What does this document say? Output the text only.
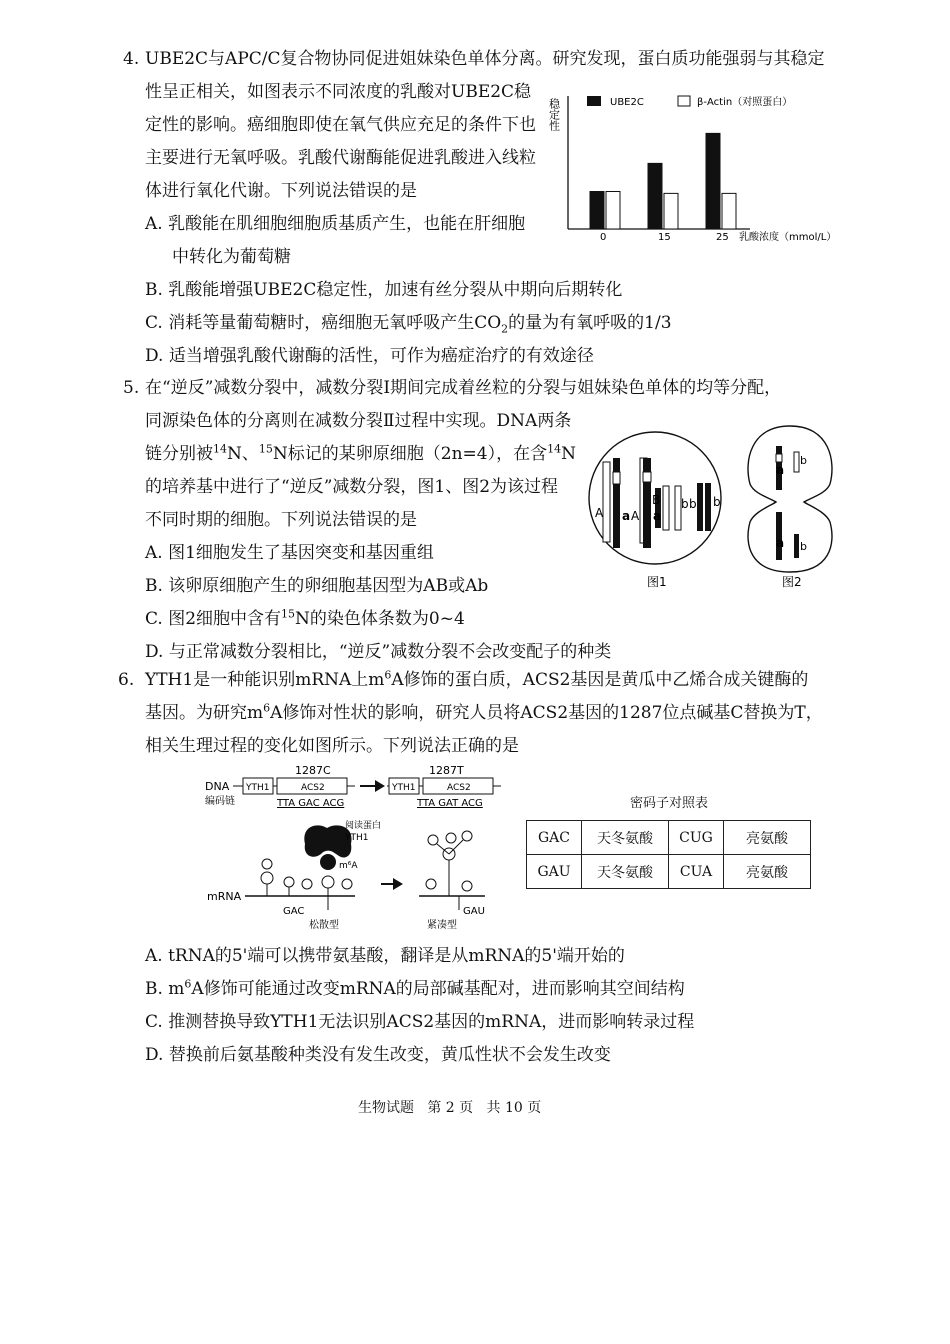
4. UBE2C与APC/C复合物协同促进姐妹染色单体分离。研究发现，蛋白质功能强弱与其稳定
性呈正相关，如图表示不同浓度的乳酸对UBE2C稳
定性的影响。癌细胞即使在氧气供应充足的条件下也
主要进行无氧呼吸。乳酸代谢酶能促进乳酸进入线粒
体进行氧化代谢。下列说法错误的是
A. 乳酸能在肌细胞细胞质基质产生，也能在肝细胞
中转化为葡萄糖
B. 乳酸能增强UBE2C稳定性，加速有丝分裂从中期向后期转化
C. 消耗等量葡萄糖时，癌细胞无氧呼吸产生$CO_2$的量为有氧呼吸的1/3
D. 适当增强乳酸代谢酶的活性，可作为癌症治疗的有效途径
稳定性	UBE2C	β-Actin（对照蛋白）
乳酸浓度（mmol/L）
0	15	25
5. 在“逆反”减数分裂中，减数分裂Ⅰ期间完成着丝粒的分裂与姐妹染色单体的均等分配，
同源染色体的分离则在减数分裂Ⅱ过程中实现。DNA两条
链分别被$^{14}$N、$^{15}$N标记的某卵原细胞（2n=4），在含$^{14}$N
的培养基中进行了“逆反”减数分裂，图1、图2为该过程
不同时期的细胞。下列说法错误的是
A. 图1细胞发生了基因突变和基因重组
B. 该卵原细胞产生的卵细胞基因型为AB或Ab
C. 图2细胞中含有$^{15}$N的染色体条数为0~4
D. 与正常减数分裂相比，“逆反”减数分裂不会改变配子的种类
A a A
B
a
b b b
图1
a
b
a b
图2
6. YTH1是一种能识别mRNA上$m^6A$修饰的蛋白质，ACS2基因是黄瓜中乙烯合成关键酶的
基因。为研究$m^6A$修饰对性状的影响，研究人员将ACS2基因的1287位点碱基C替换为T，
相关生理过程的变化如图所示。下列说法正确的是
DNA
编码链
YTH1	ACS2
1287C
TTA GAC ACG
YTH1	ACS2
1287T
TTA GAT ACG
阅读蛋白
YTH1
m⁶A
mRNA
GAC
松散型
GAU
紧凑型
密码子对照表
GAC	天冬氨酸	CUG	亮氨酸
GAU	天冬氨酸	CUA	亮氨酸
A. tRNA的5'端可以携带氨基酸，翻译是从mRNA的5'端开始的
B. $m^6A$修饰可能通过改变mRNA的局部碱基配对，进而影响其空间结构
C. 推测替换导致YTH1无法识别ACS2基因的mRNA，进而影响转录过程
D. 替换前后氨基酸种类没有发生改变，黄瓜性状不会发生改变
生物试题   第 2 页   共 10 页
